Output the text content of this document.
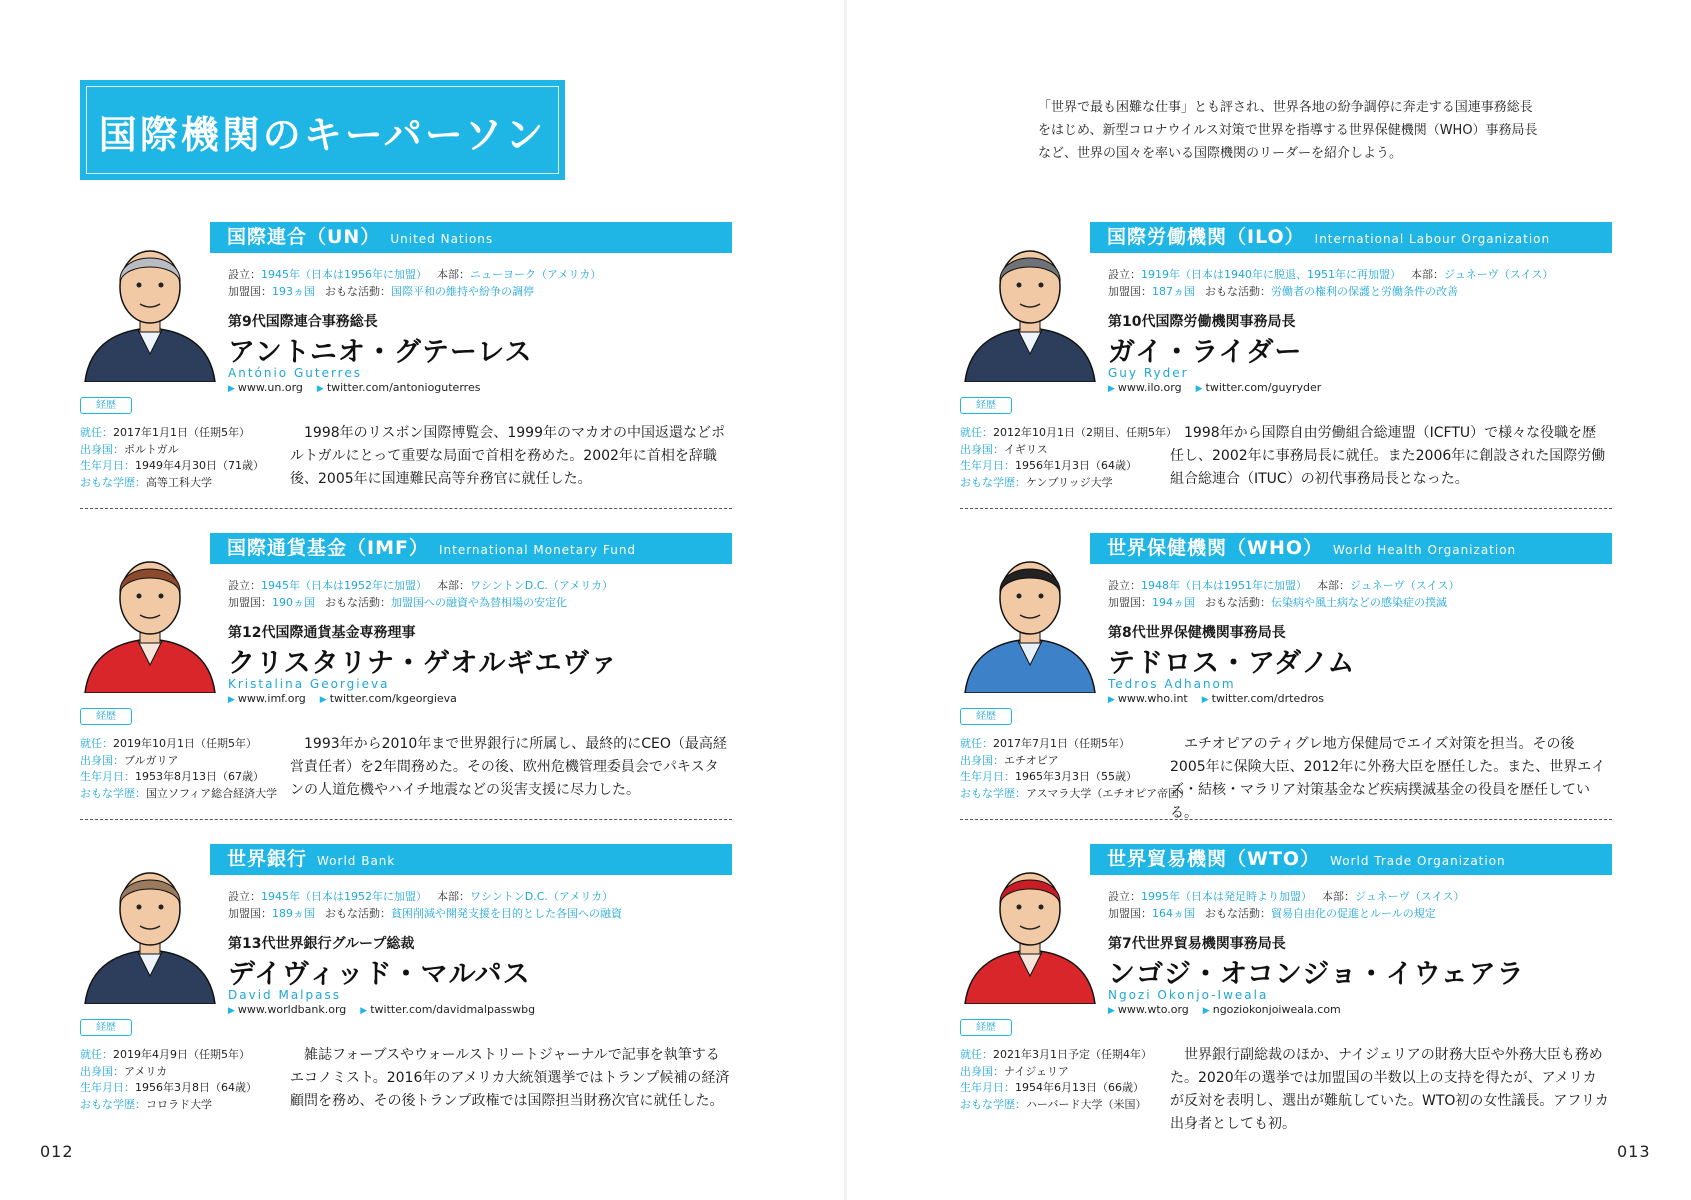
国際機関のキーパーソン
「世界で最も困難な仕事」とも評され、世界各地の紛争調停に奔走する国連事務総長をはじめ、新型コロナウイルス対策で世界を指導する世界保健機関（WHO）事務局長など、世界の国々を率いる国際機関のリーダーを紹介しよう。
012	013
国際連合（UN） United Nations
設立：1945年（日本は1956年に加盟） 本部：ニューヨーク（アメリカ）
加盟国：193ヵ国 おもな活動：国際平和の維持や紛争の調停
第9代国際連合事務総長
アントニオ・グテーレス
António Guterres
▶ www.un.org ▶ twitter.com/antonioguterres
経歴
就任：2017年1月1日（任期5年）
出身国：ポルトガル
生年月日：1949年4月30日（71歳）
おもな学歴：高等工科大学
1998年のリスボン国際博覧会、1999年のマカオの中国返還などポルトガルにとって重要な局面で首相を務めた。2002年に首相を辞職後、2005年に国連難民高等弁務官に就任した。
国際通貨基金（IMF） International Monetary Fund
設立：1945年（日本は1952年に加盟） 本部：ワシントンD.C.（アメリカ）
加盟国：190ヵ国 おもな活動：加盟国への融資や為替相場の安定化
第12代国際通貨基金専務理事
クリスタリナ・ゲオルギエヴァ
Kristalina Georgieva
▶ www.imf.org ▶ twitter.com/kgeorgieva
経歴
就任：2019年10月1日（任期5年）
出身国：ブルガリア
生年月日：1953年8月13日（67歳）
おもな学歴：国立ソフィア総合経済大学
1993年から2010年まで世界銀行に所属し、最終的にCEO（最高経営責任者）を2年間務めた。その後、欧州危機管理委員会でパキスタンの人道危機やハイチ地震などの災害支援に尽力した。
世界銀行 World Bank
設立：1945年（日本は1952年に加盟） 本部：ワシントンD.C.（アメリカ）
加盟国：189ヵ国 おもな活動：貧困削減や開発支援を目的とした各国への融資
第13代世界銀行グループ総裁
デイヴィッド・マルパス
David Malpass
▶ www.worldbank.org ▶ twitter.com/davidmalpasswbg
経歴
就任：2019年4月9日（任期5年）
出身国：アメリカ
生年月日：1956年3月8日（64歳）
おもな学歴：コロラド大学
雑誌フォーブスやウォールストリートジャーナルで記事を執筆するエコノミスト。2016年のアメリカ大統領選挙ではトランプ候補の経済顧問を務め、その後トランプ政権では国際担当財務次官に就任した。
国際労働機関（ILO） International Labour Organization
設立：1919年（日本は1940年に脱退、1951年に再加盟） 本部：ジュネーヴ（スイス）
加盟国：187ヵ国 おもな活動：労働者の権利の保護と労働条件の改善
第10代国際労働機関事務局長
ガイ・ライダー
Guy Ryder
▶ www.ilo.org ▶ twitter.com/guyryder
経歴
就任：2012年10月1日（2期目、任期5年）
出身国：イギリス
生年月日：1956年1月3日（64歳）
おもな学歴：ケンブリッジ大学
1998年から国際自由労働組合総連盟（ICFTU）で様々な役職を歴任し、2002年に事務局長に就任。また2006年に創設された国際労働組合総連合（ITUC）の初代事務局長となった。
世界保健機関（WHO） World Health Organization
設立：1948年（日本は1951年に加盟） 本部：ジュネーヴ（スイス）
加盟国：194ヵ国 おもな活動：伝染病や風土病などの感染症の撲滅
第8代世界保健機関事務局長
テドロス・アダノム
Tedros Adhanom
▶ www.who.int ▶ twitter.com/drtedros
経歴
就任：2017年7月1日（任期5年）
出身国：エチオピア
生年月日：1965年3月3日（55歳）
おもな学歴：アスマラ大学（エチオピア帝国）
エチオピアのティグレ地方保健局でエイズ対策を担当。その後2005年に保険大臣、2012年に外務大臣を歴任した。また、世界エイズ・結核・マラリア対策基金など疾病撲滅基金の役員を歴任している。
世界貿易機関（WTO） World Trade Organization
設立：1995年（日本は発足時より加盟） 本部：ジュネーヴ（スイス）
加盟国：164ヵ国 おもな活動：貿易自由化の促進とルールの規定
第7代世界貿易機関事務局長
ンゴジ・オコンジョ・イウェアラ
Ngozi Okonjo-Iweala
▶ www.wto.org ▶ ngoziokonjoiweala.com
経歴
就任：2021年3月1日予定（任期4年）
出身国：ナイジェリア
生年月日：1954年6月13日（66歳）
おもな学歴：ハーバード大学（米国）
世界銀行副総裁のほか、ナイジェリアの財務大臣や外務大臣も務めた。2020年の選挙では加盟国の半数以上の支持を得たが、アメリカが反対を表明し、選出が難航していた。WTO初の女性議長。アフリカ出身者としても初。
